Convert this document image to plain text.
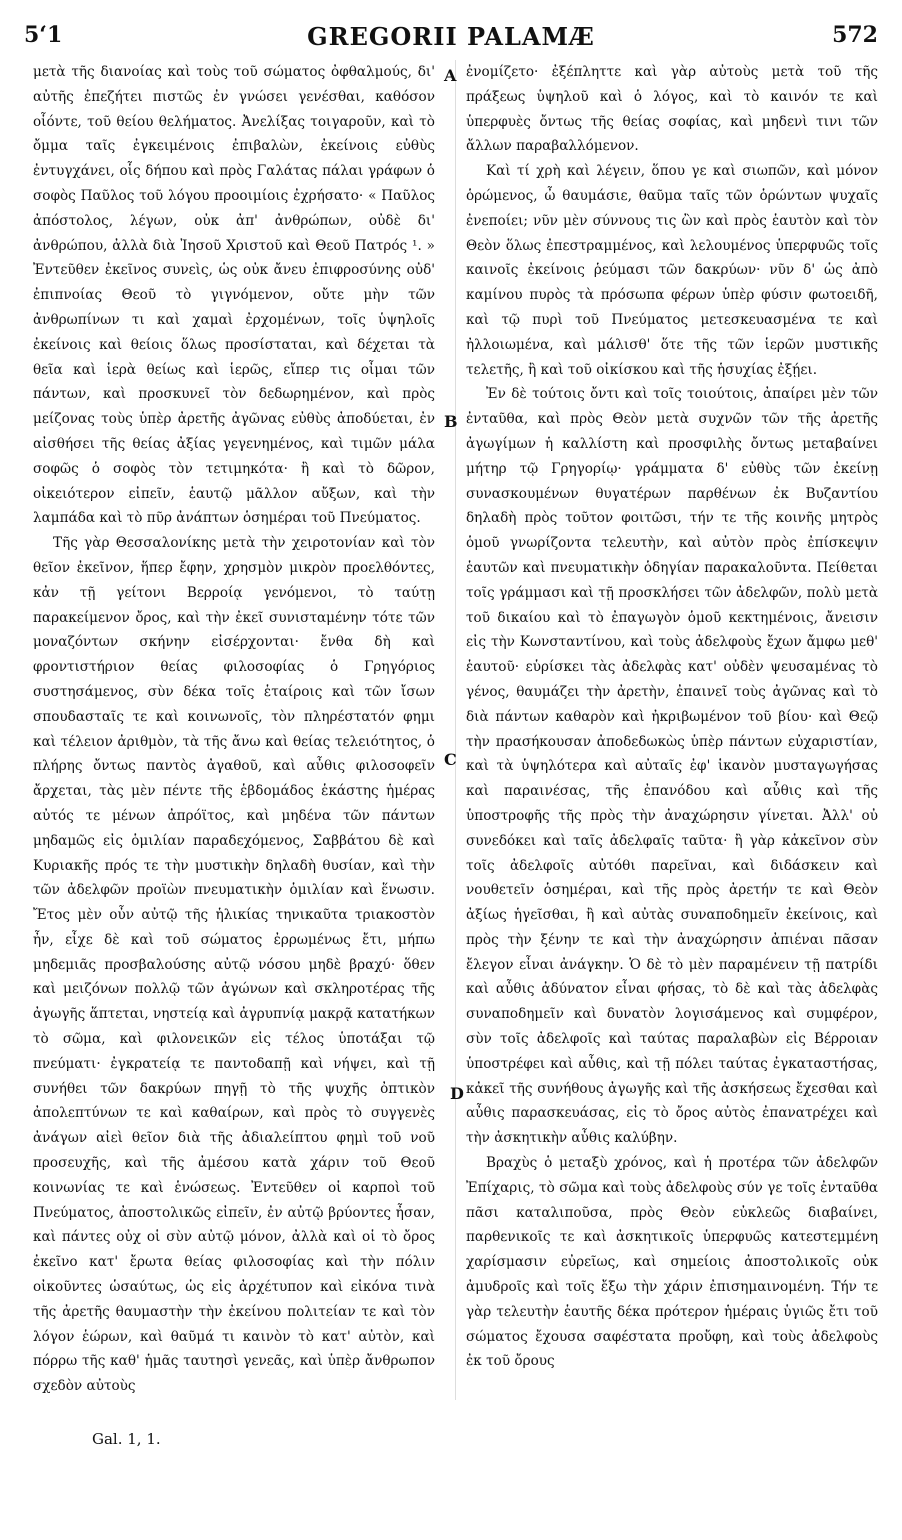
5‘1	GREGORII PALAMÆ	572

μετὰ τῆς διανοίας καὶ τοὺς τοῦ σώματος ὀφθαλμούς, δι' αὐτῆς ἐπεζήτει πιστῶς ἐν γνώσει γενέσθαι, καθόσον οἷόντε, τοῦ θείου θελήματος. Ἀνελίξας τοιγαροῦν, καὶ τὸ ὄμμα ταῖς ἐγκειμένοις ἐπιβαλὼν, ἐκείνοις εὐθὺς ἐντυγχάνει, οἷς δήπου καὶ πρὸς Γαλάτας πάλαι γράφων ὁ σοφὸς Παῦλος τοῦ λόγου προοιμίοις ἐχρήσατο· « Παῦλος ἀπόστολος, λέγων, οὐκ ἀπ' ἀνθρώπων, οὐδὲ δι' ἀνθρώπου, ἀλλὰ διὰ Ἰησοῦ Χριστοῦ καὶ Θεοῦ Πατρός ¹. » Ἐντεῦθεν ἐκεῖνος συνεὶς, ὡς οὐκ ἄνευ ἐπιφροσύνης οὐδ' ἐπιπνοίας Θεοῦ τὸ γιγνόμενον, οὔτε μὴν τῶν ἀνθρωπίνων τι καὶ χαμαὶ ἐρχομένων, τοῖς ὑψηλοῖς ἐκείνοις καὶ θείοις ὅλως προσίσταται, καὶ δέχεται τὰ θεῖα καὶ ἱερὰ θείως καὶ ἱερῶς, εἴπερ τις οἶμαι τῶν πάντων, καὶ προσκυνεῖ τὸν δεδωρημένον, καὶ πρὸς μείζονας τοὺς ὑπὲρ ἀρετῆς ἀγῶνας εὐθὺς ἀποδύεται, ἐν αἰσθήσει τῆς θείας ἀξίας γεγενημένος, καὶ τιμῶν μάλα σοφῶς ὁ σοφὸς τὸν τετιμηκότα· ἢ καὶ τὸ δῶρον, οἰκειότερον εἰπεῖν, ἑαυτῷ μᾶλλον αὔξων, καὶ τὴν λαμπάδα καὶ τὸ πῦρ ἀνάπτων ὁσημέραι τοῦ Πνεύματος.

Τῆς γὰρ Θεσσαλονίκης μετὰ τὴν χειροτονίαν καὶ τὸν θεῖον ἐκεῖνον, ἥπερ ἔφην, χρησμὸν μικρὸν προελθόντες, κἀν τῇ γείτονι Βερροίᾳ γενόμενοι, τὸ ταύτῃ παρακείμενον ὄρος, καὶ τὴν ἐκεῖ συνισταμένην τότε τῶν μοναζόντων σκήνην εἰσέρχονται· ἔνθα δὴ καὶ φροντιστήριον θείας φιλοσοφίας ὁ Γρηγόριος συστησάμενος, σὺν δέκα τοῖς ἑταίροις καὶ τῶν ἴσων σπουδασταῖς τε καὶ κοινωνοῖς, τὸν πληρέστατόν φημι καὶ τέλειον ἀριθμὸν, τὰ τῆς ἄνω καὶ θείας τελειότητος, ὁ πλήρης ὄντως παντὸς ἀγαθοῦ, καὶ αὖθις φιλοσοφεῖν ἄρχεται, τὰς μὲν πέντε τῆς ἑβδομάδος ἑκάστης ἡμέρας αὐτός τε μένων ἀπρόϊτος, καὶ μηδένα τῶν πάντων μηδαμῶς εἰς ὁμιλίαν παραδεχόμενος, Σαββάτου δὲ καὶ Κυριακῆς πρός τε τὴν μυστικὴν δηλαδὴ θυσίαν, καὶ τὴν τῶν ἀδελφῶν προϊὼν πνευματικὴν ὁμιλίαν καὶ ἕνωσιν. Ἔτος μὲν οὖν αὐτῷ τῆς ἡλικίας τηνικαῦτα τριακοστὸν ἦν, εἶχε δὲ καὶ τοῦ σώματος ἐρρωμένως ἔτι, μήπω μηδεμιᾶς προσβαλούσης αὐτῷ νόσου μηδὲ βραχύ· ὅθεν καὶ μειζόνων πολλῷ τῶν ἀγώνων καὶ σκληροτέρας τῆς ἀγωγῆς ἅπτεται, νηστείᾳ καὶ ἀγρυπνίᾳ μακρᾷ κατατήκων τὸ σῶμα, καὶ φιλονεικῶν εἰς τέλος ὑποτάξαι τῷ πνεύματι· ἐγκρατείᾳ τε παντοδαπῇ καὶ νήψει, καὶ τῇ συνήθει τῶν δακρύων πηγῇ τὸ τῆς ψυχῆς ὀπτικὸν ἀπολεπτύνων τε καὶ καθαίρων, καὶ πρὸς τὸ συγγενὲς ἀνάγων αἰεὶ θεῖον διὰ τῆς ἀδιαλείπτου φημὶ τοῦ νοῦ προσευχῆς, καὶ τῆς ἀμέσου κατὰ χάριν τοῦ Θεοῦ κοινωνίας τε καὶ ἑνώσεως. Ἐντεῦθεν οἱ καρποὶ τοῦ Πνεύματος, ἀποστολικῶς εἰπεῖν, ἐν αὐτῷ βρύοντες ἦσαν, καὶ πάντες οὐχ οἱ σὺν αὐτῷ μόνον, ἀλλὰ καὶ οἱ τὸ ὄρος ἐκεῖνο κατ' ἔρωτα θείας φιλοσοφίας καὶ τὴν πόλιν οἰκοῦντες ὡσαύτως, ὡς εἰς ἀρχέτυπον καὶ εἰκόνα τινὰ τῆς ἀρετῆς θαυμαστὴν τὴν ἐκείνου πολιτείαν τε καὶ τὸν λόγον ἑώρων, καὶ θαῦμά τι καινὸν τὸ κατ' αὐτὸν, καὶ πόρρω τῆς καθ' ἡμᾶς ταυτησὶ γενεᾶς, καὶ ὑπὲρ ἄνθρωπον σχεδὸν αὐτοὺς

ἐνομίζετο· ἐξέπληττε καὶ γὰρ αὐτοὺς μετὰ τοῦ τῆς πράξεως ὑψηλοῦ καὶ ὁ λόγος, καὶ τὸ καινόν τε καὶ ὑπερφυὲς ὄντως τῆς θείας σοφίας, καὶ μηδενὶ τινι τῶν ἄλλων παραβαλλόμενον.

Καὶ τί χρὴ καὶ λέγειν, ὅπου γε καὶ σιωπῶν, καὶ μόνον ὁρώμενος, ὦ θαυμάσιε, θαῦμα ταῖς τῶν ὁρώντων ψυχαῖς ἐνεποίει; νῦν μὲν σύννους τις ὢν καὶ πρὸς ἑαυτὸν καὶ τὸν Θεὸν ὅλως ἐπεστραμμένος, καὶ λελουμένος ὑπερφυῶς τοῖς καινοῖς ἐκείνοις ῥεύμασι τῶν δακρύων· νῦν δ' ὡς ἀπὸ καμίνου πυρὸς τὰ πρόσωπα φέρων ὑπὲρ φύσιν φωτοειδῆ, καὶ τῷ πυρὶ τοῦ Πνεύματος μετεσκευασμένα τε καὶ ἠλλοιωμένα, καὶ μάλισθ' ὅτε τῆς τῶν ἱερῶν μυστικῆς τελετῆς, ἢ καὶ τοῦ οἰκίσκου καὶ τῆς ἡσυχίας ἐξῄει.

Ἐν δὲ τούτοις ὄντι καὶ τοῖς τοιούτοις, ἀπαίρει μὲν τῶν ἐνταῦθα, καὶ πρὸς Θεὸν μετὰ συχνῶν τῶν τῆς ἀρετῆς ἀγωγίμων ἡ καλλίστη καὶ προσφιλὴς ὄντως μεταβαίνει μήτηρ τῷ Γρηγορίῳ· γράμματα δ' εὐθὺς τῶν ἐκείνῃ συνασκουμένων θυγατέρων παρθένων ἐκ Βυζαντίου δηλαδὴ πρὸς τοῦτον φοιτῶσι, τήν τε τῆς κοινῆς μητρὸς ὁμοῦ γνωρίζοντα τελευτὴν, καὶ αὐτὸν πρὸς ἐπίσκεψιν ἑαυτῶν καὶ πνευματικὴν ὁδηγίαν παρακαλοῦντα. Πείθεται τοῖς γράμμασι καὶ τῇ προσκλήσει τῶν ἀδελφῶν, πολὺ μετὰ τοῦ δικαίου καὶ τὸ ἐπαγωγὸν ὁμοῦ κεκτημένοις, ἄνεισιν εἰς τὴν Κωνσταντίνου, καὶ τοὺς ἀδελφοὺς ἔχων ἄμφω μεθ' ἑαυτοῦ· εὑρίσκει τὰς ἀδελφὰς κατ' οὐδὲν ψευσαμένας τὸ γένος, θαυμάζει τὴν ἀρετὴν, ἐπαινεῖ τοὺς ἀγῶνας καὶ τὸ διὰ πάντων καθαρὸν καὶ ἠκριβωμένον τοῦ βίου· καὶ Θεῷ τὴν πρασήκουσαν ἀποδεδωκὼς ὑπὲρ πάντων εὐχαριστίαν, καὶ τὰ ὑψηλότερα καὶ αὐταῖς ἐφ' ἱκανὸν μυσταγωγήσας καὶ παραινέσας, τῆς ἐπανόδου καὶ αὖθις καὶ τῆς ὑποστροφῆς τῆς πρὸς τὴν ἀναχώρησιν γίνεται. Ἀλλ' οὐ συνεδόκει καὶ ταῖς ἀδελφαῖς ταῦτα· ἢ γὰρ κἀκεῖνον σὺν τοῖς ἀδελφοῖς αὐτόθι παρεῖναι, καὶ διδάσκειν καὶ νουθετεῖν ὁσημέραι, καὶ τῆς πρὸς ἀρετήν τε καὶ Θεὸν ἀξίως ἡγεῖσθαι, ἢ καὶ αὐτὰς συναποδημεῖν ἐκείνοις, καὶ πρὸς τὴν ξένην τε καὶ τὴν ἀναχώρησιν ἀπιέναι πᾶσαν ἔλεγον εἶναι ἀνάγκην. Ὁ δὲ τὸ μὲν παραμένειν τῇ πατρίδι καὶ αὖθις ἀδύνατον εἶναι φήσας, τὸ δὲ καὶ τὰς ἀδελφὰς συναποδημεῖν καὶ δυνατὸν λογισάμενος καὶ συμφέρον, σὺν τοῖς ἀδελφοῖς καὶ ταύτας παραλαβὼν εἰς Βέρροιαν ὑποστρέφει καὶ αὖθις, καὶ τῇ πόλει ταύτας ἐγκαταστήσας, κἀκεῖ τῆς συνήθους ἀγωγῆς καὶ τῆς ἀσκήσεως ἔχεσθαι καὶ αὖθις παρασκευάσας, εἰς τὸ ὄρος αὐτὸς ἐπανατρέχει καὶ τὴν ἀσκητικὴν αὖθις καλύβην.

Βραχὺς ὁ μεταξὺ χρόνος, καὶ ἡ προτέρα τῶν ἀδελφῶν Ἐπίχαρις, τὸ σῶμα καὶ τοὺς ἀδελφοὺς σύν γε τοῖς ἐνταῦθα πᾶσι καταλιποῦσα, πρὸς Θεὸν εὐκλεῶς διαβαίνει, παρθενικοῖς τε καὶ ἀσκητικοῖς ὑπερφυῶς κατεστεμμένη χαρίσμασιν εὐρεῖως, καὶ σημείοις ἀποστολικοῖς οὐκ ἀμυδροῖς καὶ τοῖς ἔξω τὴν χάριν ἐπισημαινομένη. Τήν τε γὰρ τελευτὴν ἑαυτῆς δέκα πρότερον ἡμέραις ὑγιῶς ἔτι τοῦ σώματος ἔχουσα σαφέστατα προὔφη, καὶ τοὺς ἀδελφοὺς ἐκ τοῦ ὄρους

A
B
C
D
Gal. 1, 1.
